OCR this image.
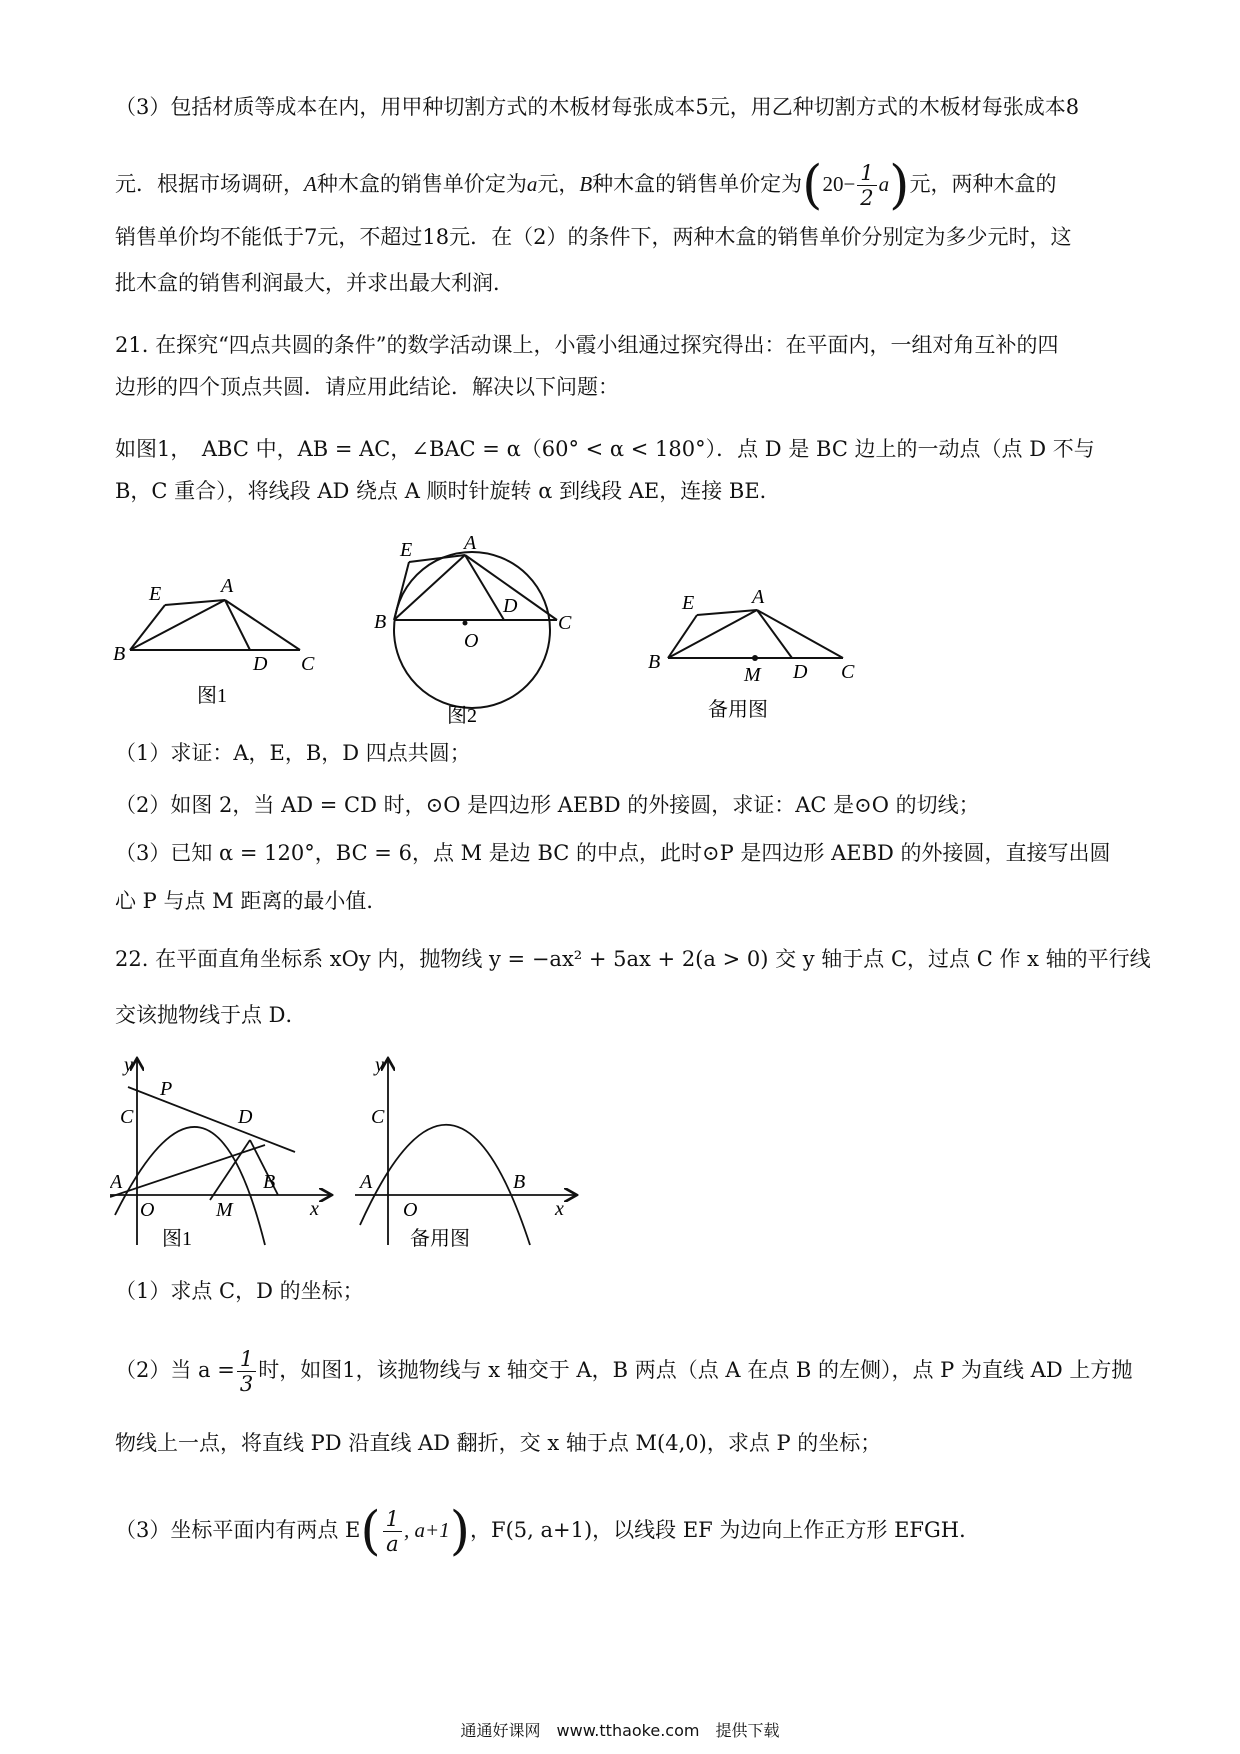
（3）包括材质等成本在内，用甲种切割方式的木板材每张成本5元，用乙种切割方式的木板材每张成本8
元．根据市场调研，A种木盒的销售单价定为a元，B种木盒的销售单价定为$(20- \frac{1}{2} a)$元，两种木盒的
销售单价均不能低于7元，不超过18元．在（2）的条件下，两种木盒的销售单价分别定为多少元时，这
批木盒的销售利润最大，并求出最大利润．
21. 在探究“四点共圆的条件”的数学活动课上，小霞小组通过探究得出：在平面内，一组对角互补的四
边形的四个顶点共圆．请应用此结论．解决以下问题：
如图1，　ABC 中，AB = AC，∠BAC = α（60° < α < 180°）．点 D 是 BC 边上的一动点（点 D 不与
B，C 重合），将线段 AD 绕点 A 顺时针旋转 α 到线段 AE，连接 BE．
B
E	A
D C
图1
B
E	A
D
C
O
图2
B
E	A
M D C
备用图
（1）求证：A，E，B，D 四点共圆；
（2）如图 2，当 AD = CD 时，⊙O 是四边形 AEBD 的外接圆，求证：AC 是⊙O 的切线；
（3）已知 α = 120°，BC = 6，点 M 是边 BC 的中点，此时⊙P 是四边形 AEBD 的外接圆，直接写出圆
心 P 与点 M 距离的最小值．
22. 在平面直角坐标系 xOy 内，抛物线 y = −ax² + 5ax + 2(a > 0) 交 y 轴于点 C，过点 C 作 x 轴的平行线
交该抛物线于点 D．
y
x
P
C	D
A	B
O	M
图1
y
x
C
A	B
O
备用图
（1）求点 C，D 的坐标；
（2）当 $a = \frac{1}{3}$ 时，如图1，该抛物线与 x 轴交于 A，B 两点（点 A 在点 B 的左侧），点 P 为直线 AD 上方抛
物线上一点，将直线 PD 沿直线 AD 翻折，交 x 轴于点 M(4,0)，求点 P 的坐标；
（3）坐标平面内有两点 $E( \frac{1}{a}$ , a+1)，F(5, a+1)，以线段 EF 为边向上作正方形 EFGH．
通通好课网　www.tthaoke.com　提供下载
